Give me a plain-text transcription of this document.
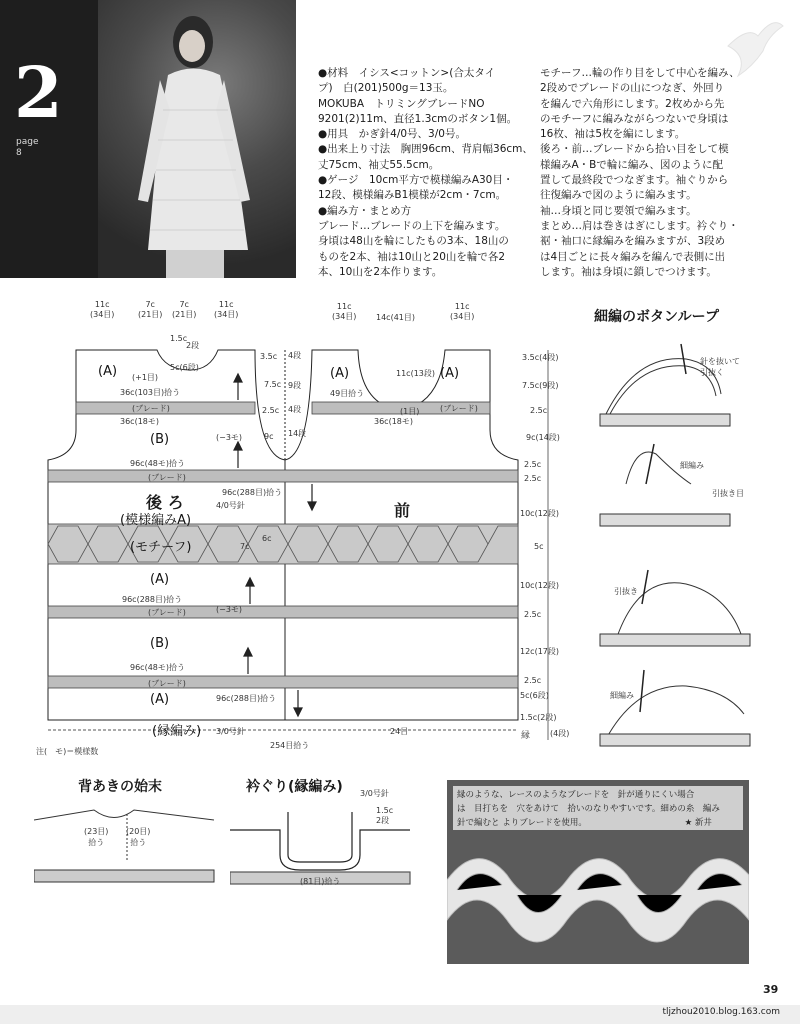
2
page
8
●材料　イシス<コットン>(合太タイ
プ)　白(201)500g＝13玉。
MOKUBA　トリミングブレードNO
9201(2)11m、直径1.3cmのボタン1個。
●用具　かぎ針4/0号、3/0号。
●出来上り寸法　胸囲96cm、背肩幅36cm、
丈75cm、袖丈55.5cm。
●ゲージ　10cm平方で模様編みA30目・
12段、模様編みB1模様が2cm・7cm。
●編み方・まとめ方
ブレード…ブレードの上下を編みます。
身頃は48山を輪にしたもの3本、18山の
ものを2本、袖は10山と20山を輪で各2
本、10山を2本作ります。
モチーフ…輪の作り目をして中心を編み、
2段めでブレードの山につなぎ、外回り
を編んで六角形にします。2枚めから先
のモチーフに編みながらつないで身頃は
16枚、袖は5枚を編にします。
後ろ・前…ブレードから拾い目をして模
様編みA・Bで輪に編み、図のように配
置して最終段でつなぎます。袖ぐりから
往復編みで図のように編みます。
袖…身頃と同じ要領で編みます。
まとめ…肩は巻きはぎにします。衿ぐり・
裾・袖口に縁編みを編みますが、3段め
は4目ごとに長々編みを編んで表側に出
します。袖は身頃に鎖しでつけます。
11c
(34目)
7c
(21目)
7c
(21目)
11c
(34目)
11c
(34目) 14c(41目)
11c
(34目)
1.5c
2段
5c(6段)
3.5c
7.5c
2.5c
4段
9段
9c 14段
4段
3.5c(4段)
7.5c(9段)
2.5c
9c(14段)
2.5c
2.5c
10c(12段)
5c
10c(12段)
2.5c
12c(17段)
2.5c
5c(6段)
1.5c(2段)
(4段)
(A) (+1目)	(A)	(A)
11c(13段)
36c(103目)拾う	49目拾う
(1目)
(ブレード)	(ブレード)
36c(18モ)	36c(18モ)
(B)	(−3モ)
(−3モ)
96c(48モ)拾う
(ブレード)
96c(288目)拾う
後 ろ	4/0号針
(模様編みA)
前
(モチーフ)	7c
6c
(A)
96c(288目)拾う
(ブレード)
(B)
96c(48モ)拾う
(ブレード)
(A)	96c(288目)拾う
(縁編み) 3/0号針
254目拾う
24目	縁
注(　モ)＝模様数
細編のボタンループ
針を抜いて
引抜く
細編み
引抜き目
引抜き
細編み
背あきの始末
(23目)
拾う
(20目)
拾う
衿ぐり(縁編み) 3/0号針
1.5c
2段
(81目)拾う
縁のような、レースのようなブレードを　針が通りにくい場合
は　目打ちを　穴をあけて　拾いのなりやすいです。細めの糸　編み
針で編むと よりブレードを使用。　　　　　　　　　　　　★ 新井
39
tljzhou2010.blog.163.com
